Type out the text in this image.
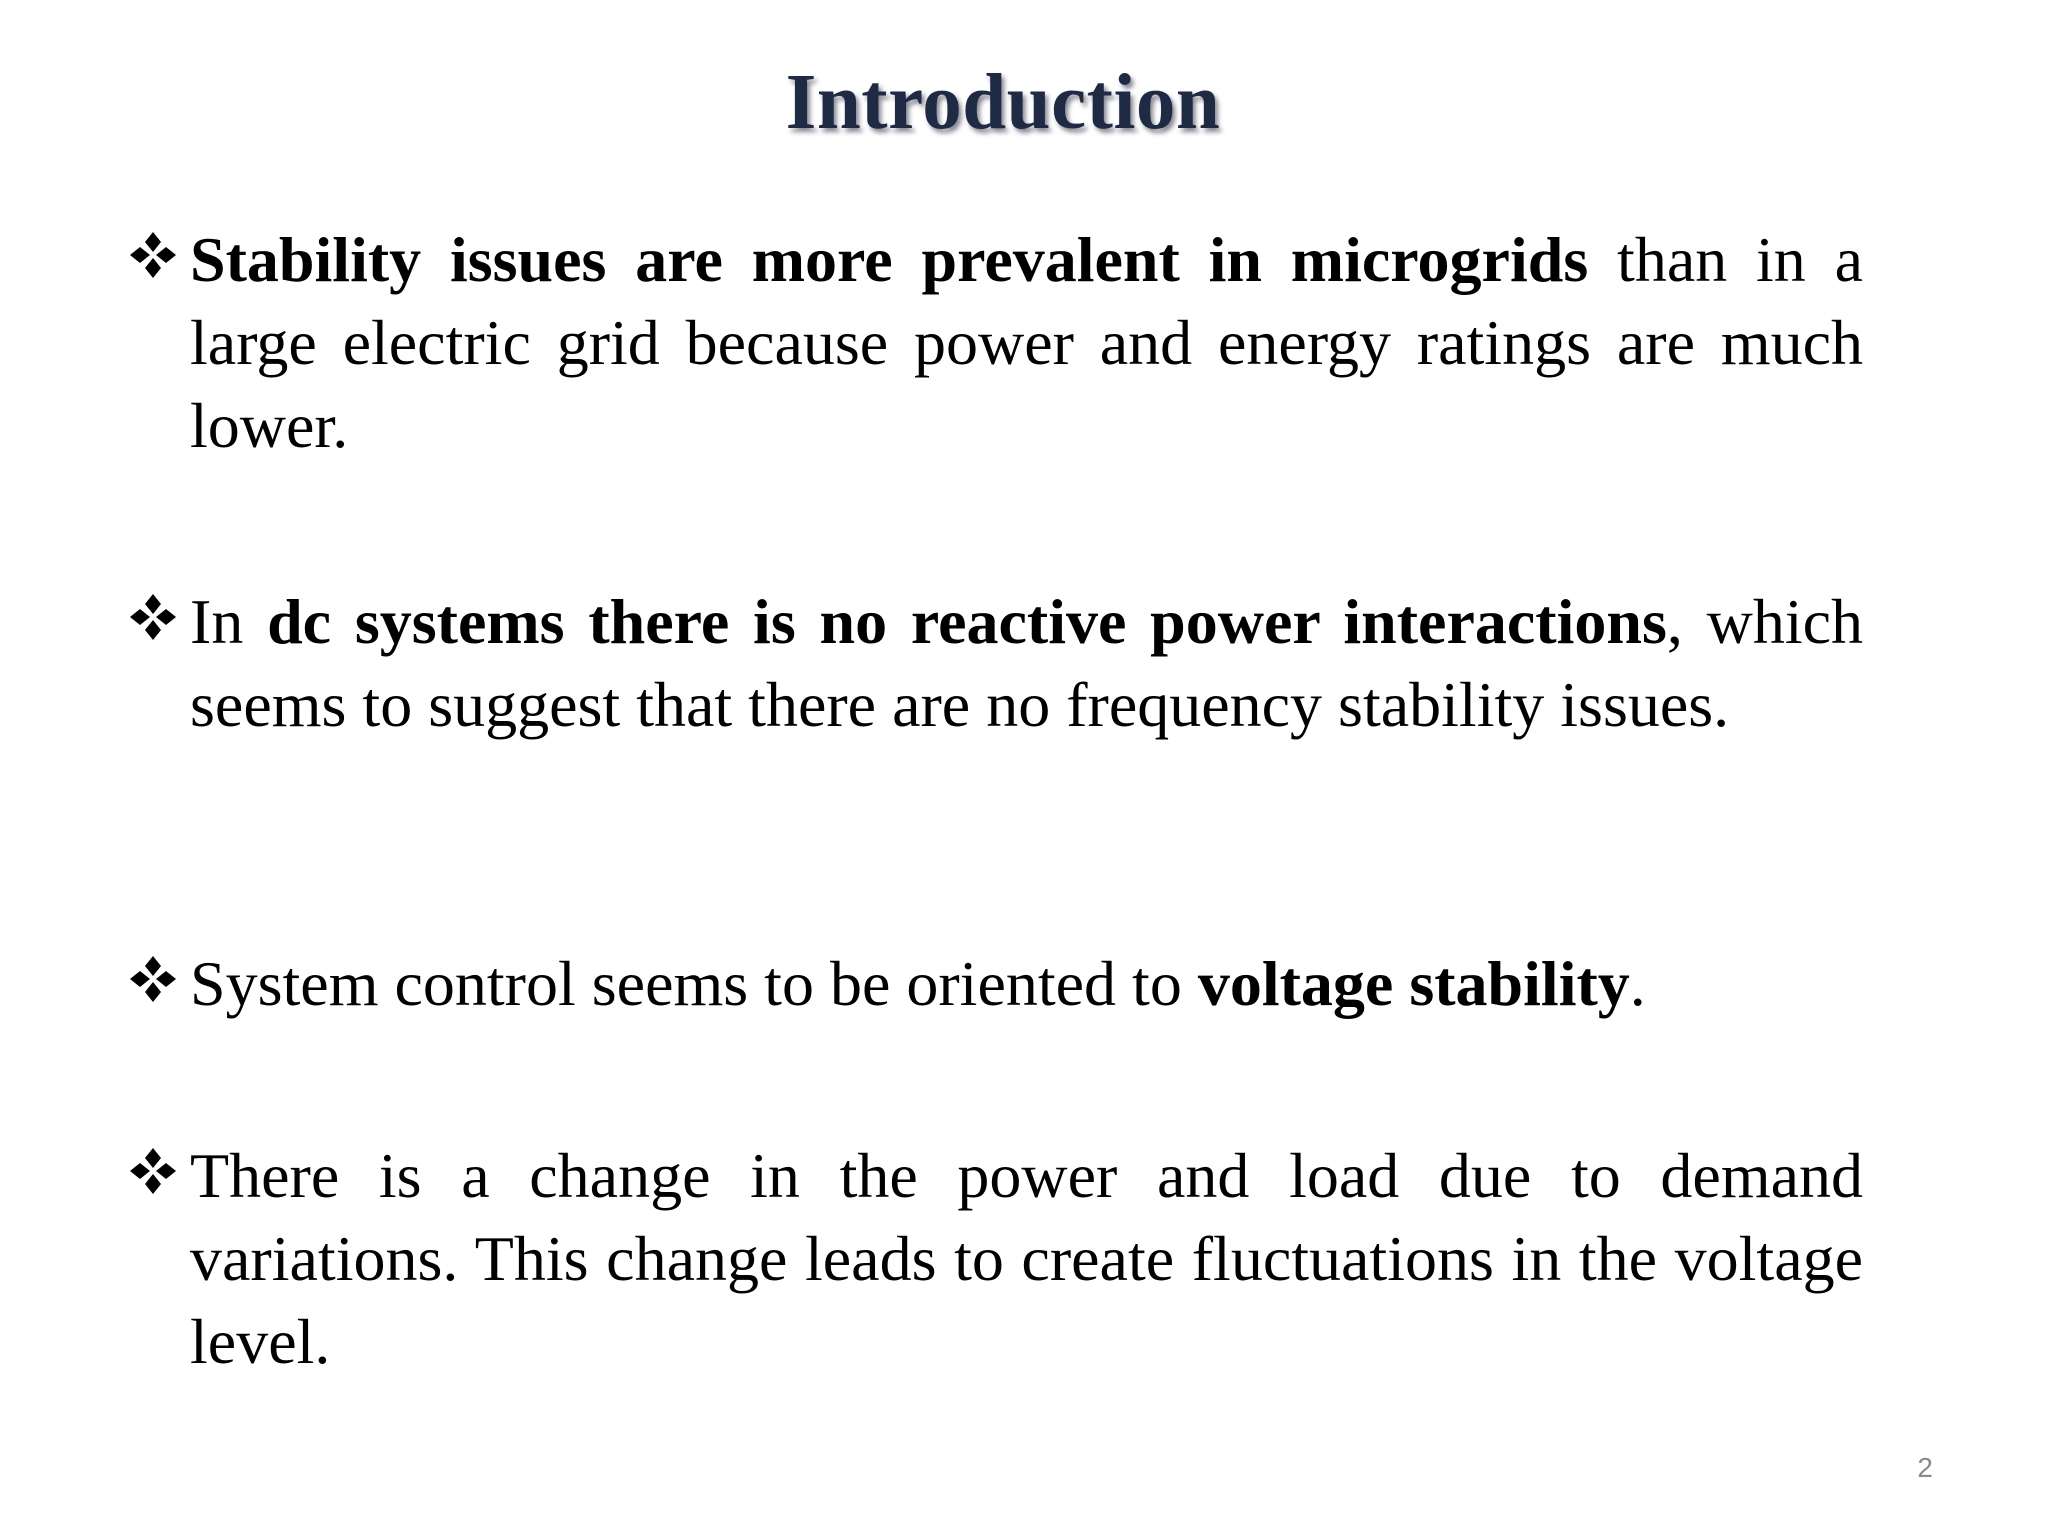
Introduction
Stability issues are more prevalent in microgrids than in a large electric grid because power and energy ratings are much lower.
In dc systems there is no reactive power interactions, which seems to suggest that there are no frequency stability issues.
System control seems to be oriented to voltage stability.
There is a change in the power and load due to demand variations. This change leads to create fluctuations in the voltage level.
2
